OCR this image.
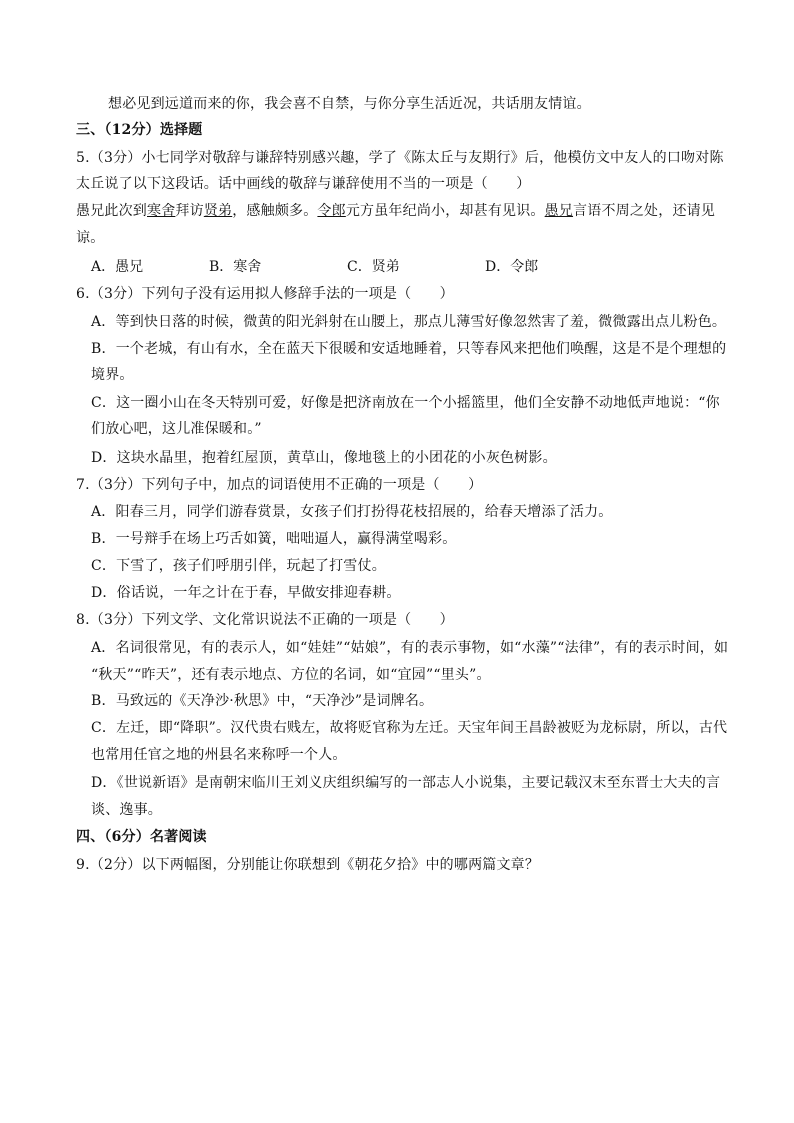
想必见到远道而来的你，我会喜不自禁，与你分享生活近况，共话朋友情谊。
三、（12分）选择题
5.（3分）小七同学对敬辞与谦辞特别感兴趣，学了《陈太丘与友期行》后，他模仿文中友人的口吻对陈
太丘说了以下这段话。话中画线的敬辞与谦辞使用不当的一项是（　　）
愚兄此次到寒舍拜访贤弟，感触颇多。令郎元方虽年纪尚小，却甚有见识。愚兄言语不周之处，还请见
谅。
A．愚兄	B．寒舍	C．贤弟	D．令郎
6.（3分）下列句子没有运用拟人修辞手法的一项是（　　）
A．等到快日落的时候，微黄的阳光斜射在山腰上，那点儿薄雪好像忽然害了羞，微微露出点儿粉色。
B．一个老城，有山有水，全在蓝天下很暖和安适地睡着，只等春风来把他们唤醒，这是不是个理想的
境界。
C．这一圈小山在冬天特别可爱，好像是把济南放在一个小摇篮里，他们全安静不动地低声地说：“你
们放心吧，这儿准保暖和。”
D．这块水晶里，抱着红屋顶，黄草山，像地毯上的小团花的小灰色树影。
7.（3分）下列句子中，加点的词语使用不正确的一项是（　　）
A．阳春三月，同学们游春赏景，女孩子们打扮得花枝招展的，给春天增添了活力。
B．一号辩手在场上巧舌如簧，咄咄逼人，赢得满堂喝彩。
C．下雪了，孩子们呼朋引伴，玩起了打雪仗。
D．俗话说，一年之计在于春，早做安排迎春耕。
8.（3分）下列文学、文化常识说法不正确的一项是（　　）
A．名词很常见，有的表示人，如“娃娃”“姑娘”，有的表示事物，如“水藻”“法律”，有的表示时间，如
“秋天”“昨天”，还有表示地点、方位的名词，如“宜园”“里头”。
B．马致远的《天净沙·秋思》中，“天净沙”是词牌名。
C．左迁，即“降职”。汉代贵右贱左，故将贬官称为左迁。天宝年间王昌龄被贬为龙标尉，所以，古代
也常用任官之地的州县名来称呼一个人。
D．《世说新语》是南朝宋临川王刘义庆组织编写的一部志人小说集，主要记载汉末至东晋士大夫的言
谈、逸事。
四、（6分）名著阅读
9.（2分）以下两幅图，分别能让你联想到《朝花夕拾》中的哪两篇文章？
